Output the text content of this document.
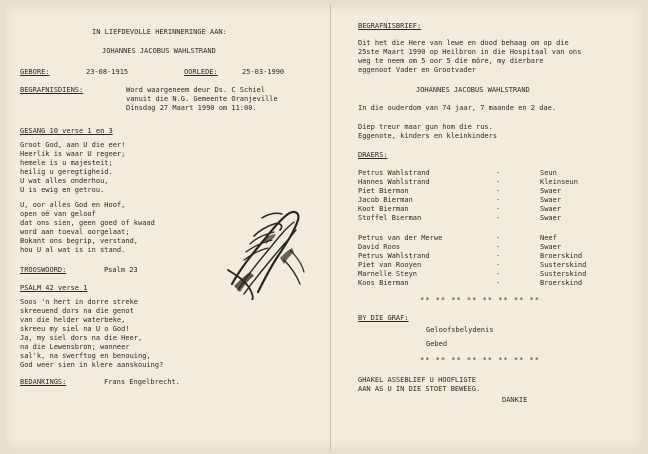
IN LIEFDEVOLLE HERINNERINGE AAN:
JOHANNES JACOBUS WAHLSTRAND
GEBORE:	23-08-1915	OORLEDE:	25-03-1990
BEGRAFNISDIENS:	Word waargeneem deur Ds. C Schiel
vanuit die N.G. Gemeente Oranjeville
Dinsdag 27 Maart 1990 om 11:00.
GESANG 10 verse 1 en 3
Groot God, aan U die eer!
Heerlik is waar U regeer;
hemele is u majesteit;
heilig u geregtigheid.
U wat alles onderhou,
U is ewig en getrou.
U, oor alles God en Hoof,
open oë van geloof
dat ons sien, geen goed of kwaad
word aan toeval oorgelaat;
Bokant ons begrip, verstand,
hou U al wat is in stand.
TROOSWOORD:	Psalm 23
PSALM 42 verse 1
Soos 'n hert in dorre streke
skreeuend dors na die genot
van die helder waterbeke,
skreeu my siel na U o God!
Ja, my siel dors na die Heer,
na die Lewensbron; wanneer
sal'k, na swerftog en benouing,
God weer sien in klere aanskouing?
BEDANKINGS:	Frans Engelbrecht.
BEGRAFNISBRIEF:
Dit het die Here van lewe en dood behaag om op die
25ste Maart 1990 op Heilbron in die Hospitaal van ons
weg te neem om 5 oor 5 die môre, my dierbare
eggenoot Vader en Grootvader
JOHANNES JACOBUS WAHLSTRAND
In die ouderdom van 74 jaar, 7 maande en 2 dae.
Diep treur maar gun hom die rus.
Eggenote, kinders en kleinkinders
DRAERS:
Petrus Wahlstrand	-	Seun
Hannes Wahlstrand	-	Kleinseun
Piet Bierman	-	Swaer
Jacob Bierman	-	Swaer
Koot Bierman	-	Swaer
Stoffel Bierman	-	Swaer
Petrus van der Merwe	-	Neef
David Roos	-	Swaer
Petrus Wahlstrand	-	Broerskind
Piet van Rooyen	-	Susterskind
Marnelle Steyn	-	Susterskind
Koos Bierman	-	Broerskind
** ** ** ** ** ** ** **
BY DIE GRAF:
Geloofsbelydenis
Gebed
** ** ** ** ** ** ** **
GHAKEL ASSEBLIEF U HOOFLIGTE
AAN AS U IN DIE STOET BEWEEG.
DANKIE
